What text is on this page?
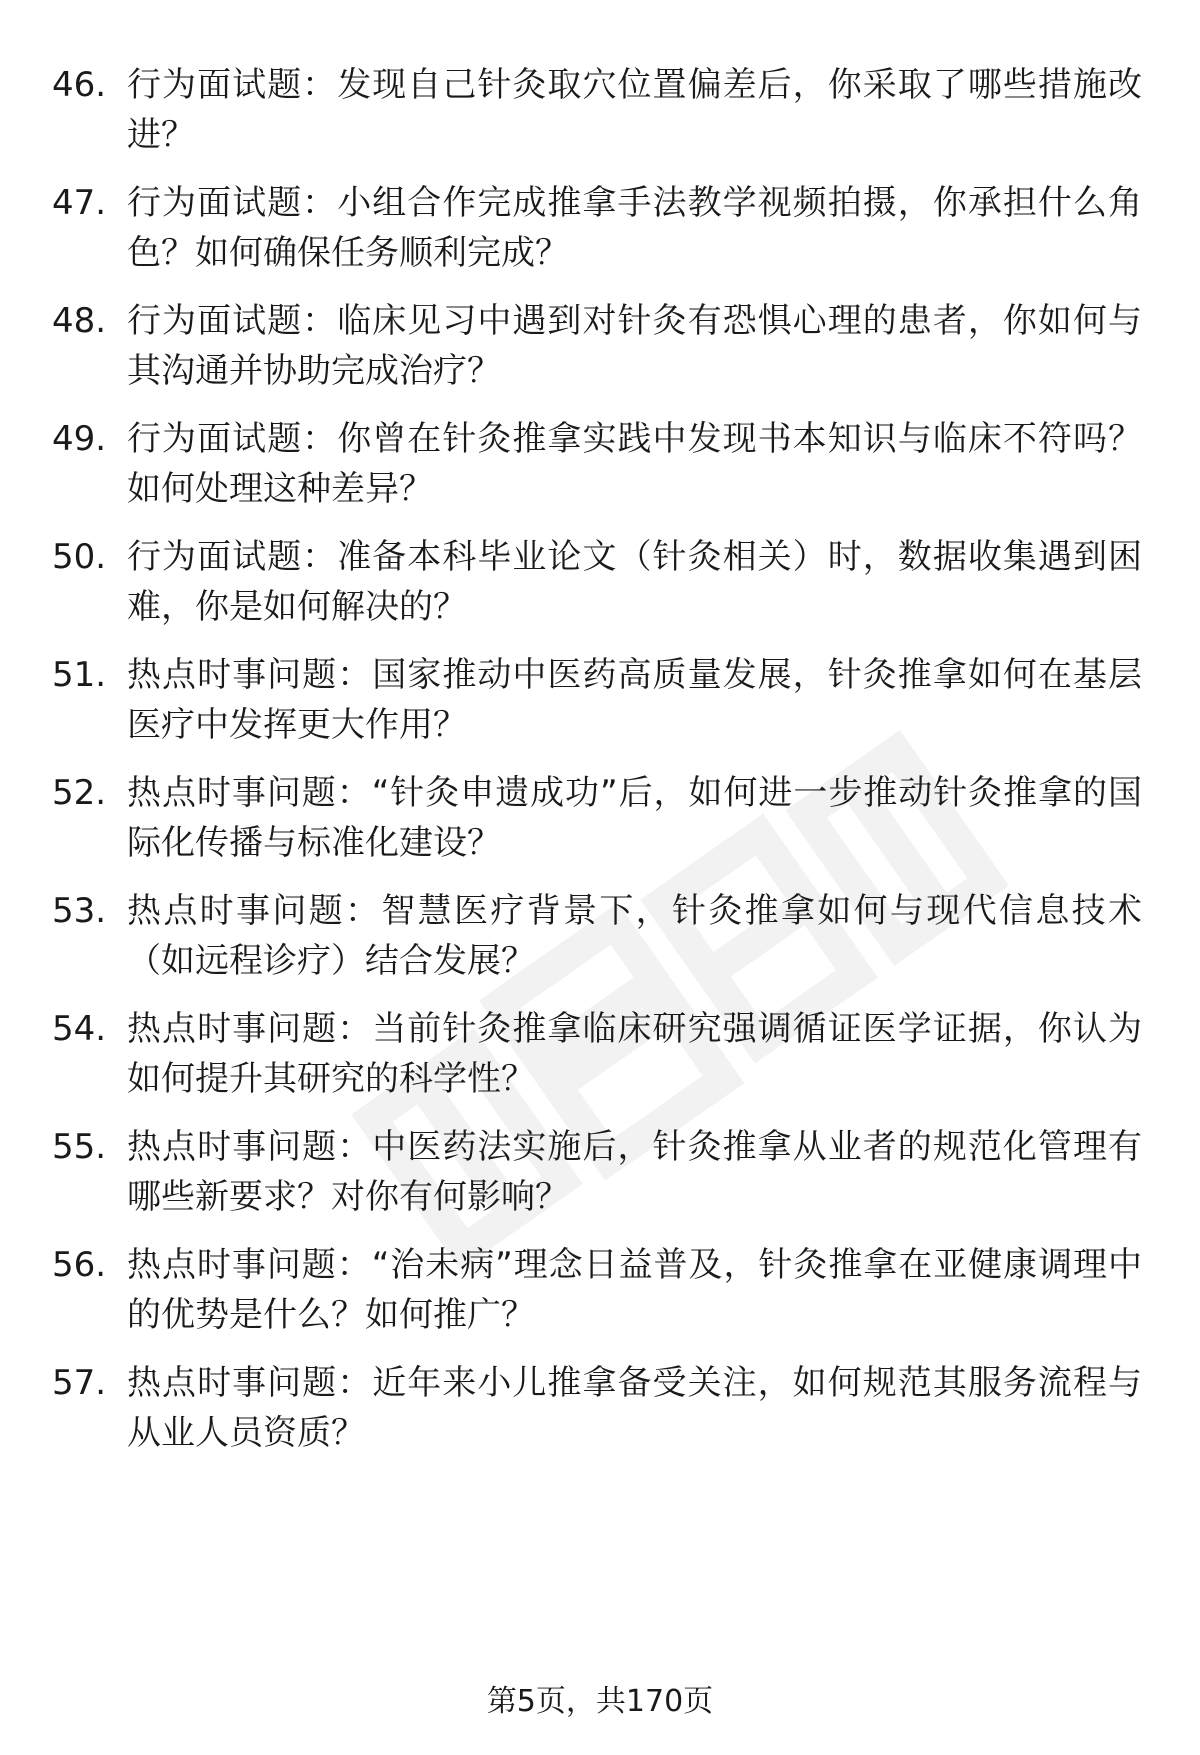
46. 行为面试题：发现自己针灸取穴位置偏差后，你采取了哪些措施改进？
47. 行为面试题：小组合作完成推拿手法教学视频拍摄，你承担什么角色？如何确保任务顺利完成？
48. 行为面试题：临床见习中遇到对针灸有恐惧心理的患者，你如何与其沟通并协助完成治疗？
49. 行为面试题：你曾在针灸推拿实践中发现书本知识与临床不符吗？如何处理这种差异？
50. 行为面试题：准备本科毕业论文（针灸相关）时，数据收集遇到困难，你是如何解决的？
51. 热点时事问题：国家推动中医药高质量发展，针灸推拿如何在基层医疗中发挥更大作用？
52. 热点时事问题：“针灸申遗成功”后，如何进一步推动针灸推拿的国际化传播与标准化建设？
53. 热点时事问题：智慧医疗背景下，针灸推拿如何与现代信息技术（如远程诊疗）结合发展？
54. 热点时事问题：当前针灸推拿临床研究强调循证医学证据，你认为如何提升其研究的科学性？
55. 热点时事问题：中医药法实施后，针灸推拿从业者的规范化管理有哪些新要求？对你有何影响？
56. 热点时事问题：“治未病”理念日益普及，针灸推拿在亚健康调理中的优势是什么？如何推广？
57. 热点时事问题：近年来小儿推拿备受关注，如何规范其服务流程与从业人员资质？
第5页，共170页
